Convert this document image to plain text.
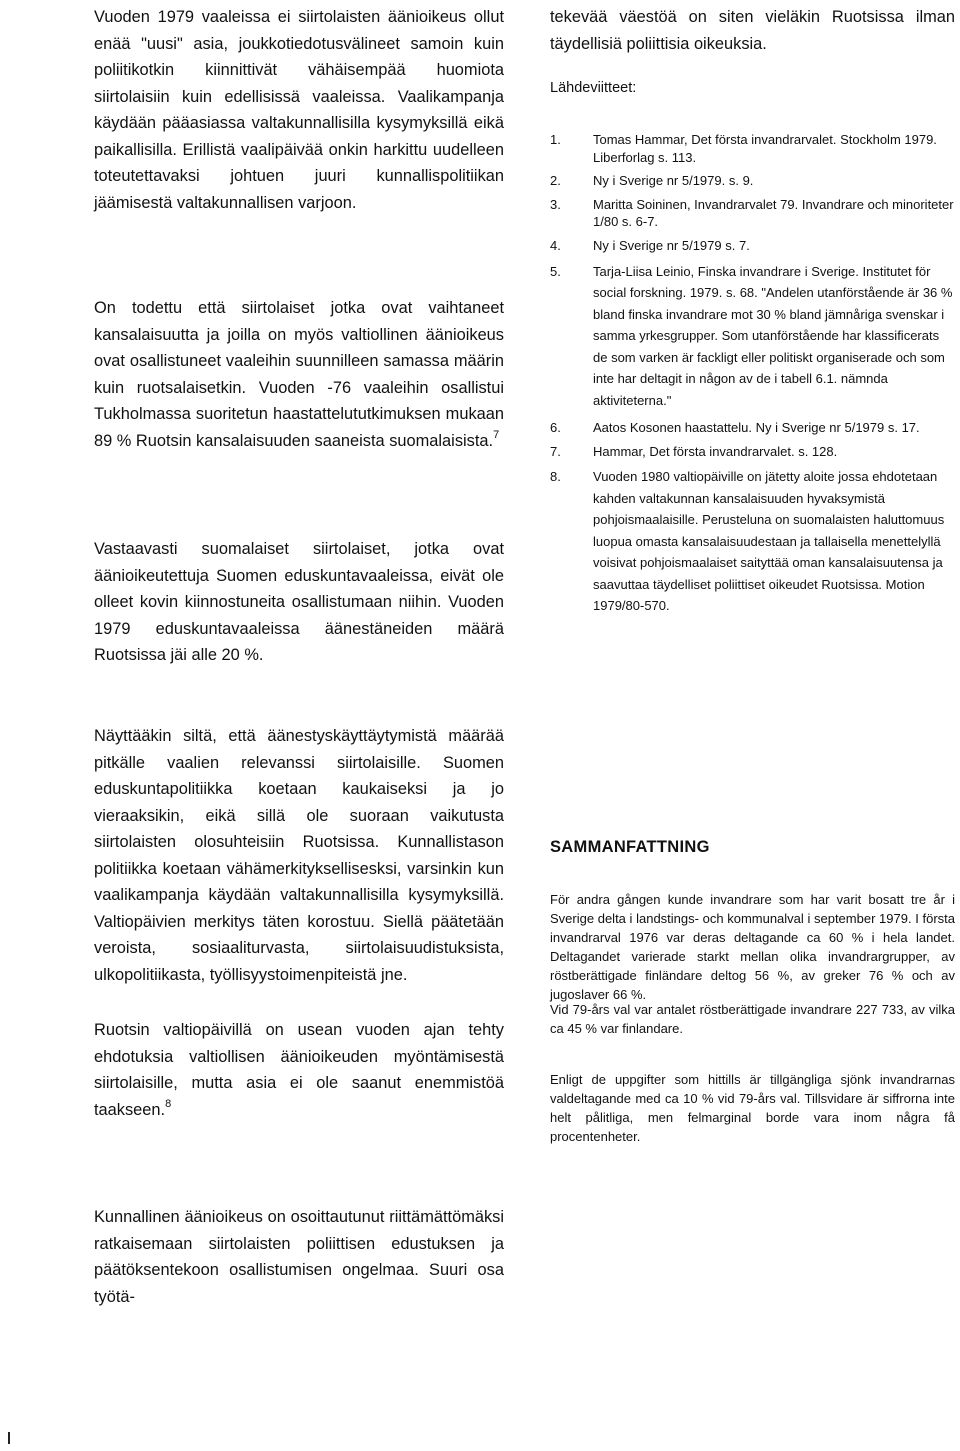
Vuoden 1979 vaaleissa ei siirtolaisten äänioikeus ollut enää "uusi" asia, joukkotiedotusvälineet samoin kuin poliitikotkin kiinnittivät vähäisempää huomiota siirtolaisiin kuin edellisissä vaaleissa. Vaalikampanja käydään pääasiassa valtakunnallisilla kysymyksillä eikä paikallisilla. Erillistä vaalipäivää onkin harkittu uudelleen toteutettavaksi johtuen juuri kunnallispolitiikan jäämisestä valtakunnallisen varjoon.

On todettu että siirtolaiset jotka ovat vaihtaneet kansalaisuutta ja joilla on myös valtiollinen äänioikeus ovat osallistuneet vaaleihin suunnilleen samassa määrin kuin ruotsalaisetkin. Vuoden -76 vaaleihin osallistui Tukholmassa suoritetun haastattelututkimuksen mukaan 89 % Ruotsin kansalaisuuden saaneista suomalaisista.$^7$

Vastaavasti suomalaiset siirtolaiset, jotka ovat äänioikeutettuja Suomen eduskuntavaaleissa, eivät ole olleet kovin kiinnostuneita osallistumaan niihin. Vuoden 1979 eduskuntavaaleissa äänestäneiden määrä Ruotsissa jäi alle 20 %.

Näyttääkin siltä, että äänestyskäyttäytymistä määrää pitkälle vaalien relevanssi siirtolaisille. Suomen eduskuntapolitiikka koetaan kaukaiseksi ja jo vieraaksikin, eikä sillä ole suoraan vaikutusta siirtolaisten olosuhteisiin Ruotsissa. Kunnallistason politiikka koetaan vähämerkityksellisesksi, varsinkin kun vaalikampanja käydään valtakunnallisilla kysymyksillä. Valtiopäivien merkitys täten korostuu. Siellä päätetään veroista, sosiaaliturvasta, siirtolaisuudistuksista, ulkopolitiikasta, työllisyystoimenpiteistä jne.

Ruotsin valtiopäivillä on usean vuoden ajan tehty ehdotuksia valtiollisen äänioikeuden myöntämisestä siirtolaisille, mutta asia ei ole saanut enemmistöä taakseen.$^8$

Kunnallinen äänioikeus on osoittautunut riittämättömäksi ratkaisemaan siirtolaisten poliittisen edustuksen ja päätöksentekoon osallistumisen ongelmaa. Suuri osa työtä-

tekevää väestöä on siten vieläkin Ruotsissa ilman täydellisiä poliittisia oikeuksia.

Lähdeviitteet:
1.	Tomas Hammar, Det första invandrarvalet. Stockholm 1979. Liberforlag s. 113.
2.	Ny i Sverige nr 5/1979. s. 9.
3.	Maritta Soininen, Invandrarvalet 79. Invandrare och minoriteter 1/80 s. 6-7.
4.	Ny i Sverige nr 5/1979 s. 7.
5.	Tarja-Liisa Leinio, Finska invandrare i Sverige. Institutet för social forskning. 1979. s. 68. "Andelen utanförstående är 36 % bland finska invandrare mot 30 % bland jämnåriga svenskar i samma yrkesgrupper. Som utanförstående har klassificerats de som varken är fackligt eller politiskt organiserade och som inte har deltagit in någon av de i tabell 6.1. nämnda aktiviteterna."
6.	Aatos Kosonen haastattelu. Ny i Sverige nr 5/1979 s. 17.
7.	Hammar, Det första invandrarvalet. s. 128.
8.	Vuoden 1980 valtiopäiville on jätetty aloite jossa ehdotetaan kahden valtakunnan kansalaisuuden hyvaksymistä pohjoismaalaisille. Perusteluna on suomalaisten haluttomuus luopua omasta kansalaisuudestaan ja tallaisella menettelyllä voisivat pohjoismaalaiset saityttää oman kansalaisuutensa ja saavuttaa täydelliset poliittiset oikeudet Ruotsissa. Motion 1979/80-570.
SAMMANFATTNING

För andra gången kunde invandrare som har varit bosatt tre år i Sverige delta i landstings- och kommunalval i september 1979. I första invandrarval 1976 var deras deltagande ca 60 % i hela landet. Deltagandet varierade starkt mellan olika invandrargrupper, av röstberättigade finländare deltog 56 %, av greker 76 % och av jugoslaver 66 %.

Vid 79-års val var antalet röstberättigade invandrare 227 733, av vilka ca 45 % var finlandare.

Enligt de uppgifter som hittills är tillgängliga sjönk invandrarnas valdeltagande med ca 10 % vid 79-års val. Tillsvidare är siffrorna inte helt pålitliga, men felmarginal borde vara inom några få procentenheter.
